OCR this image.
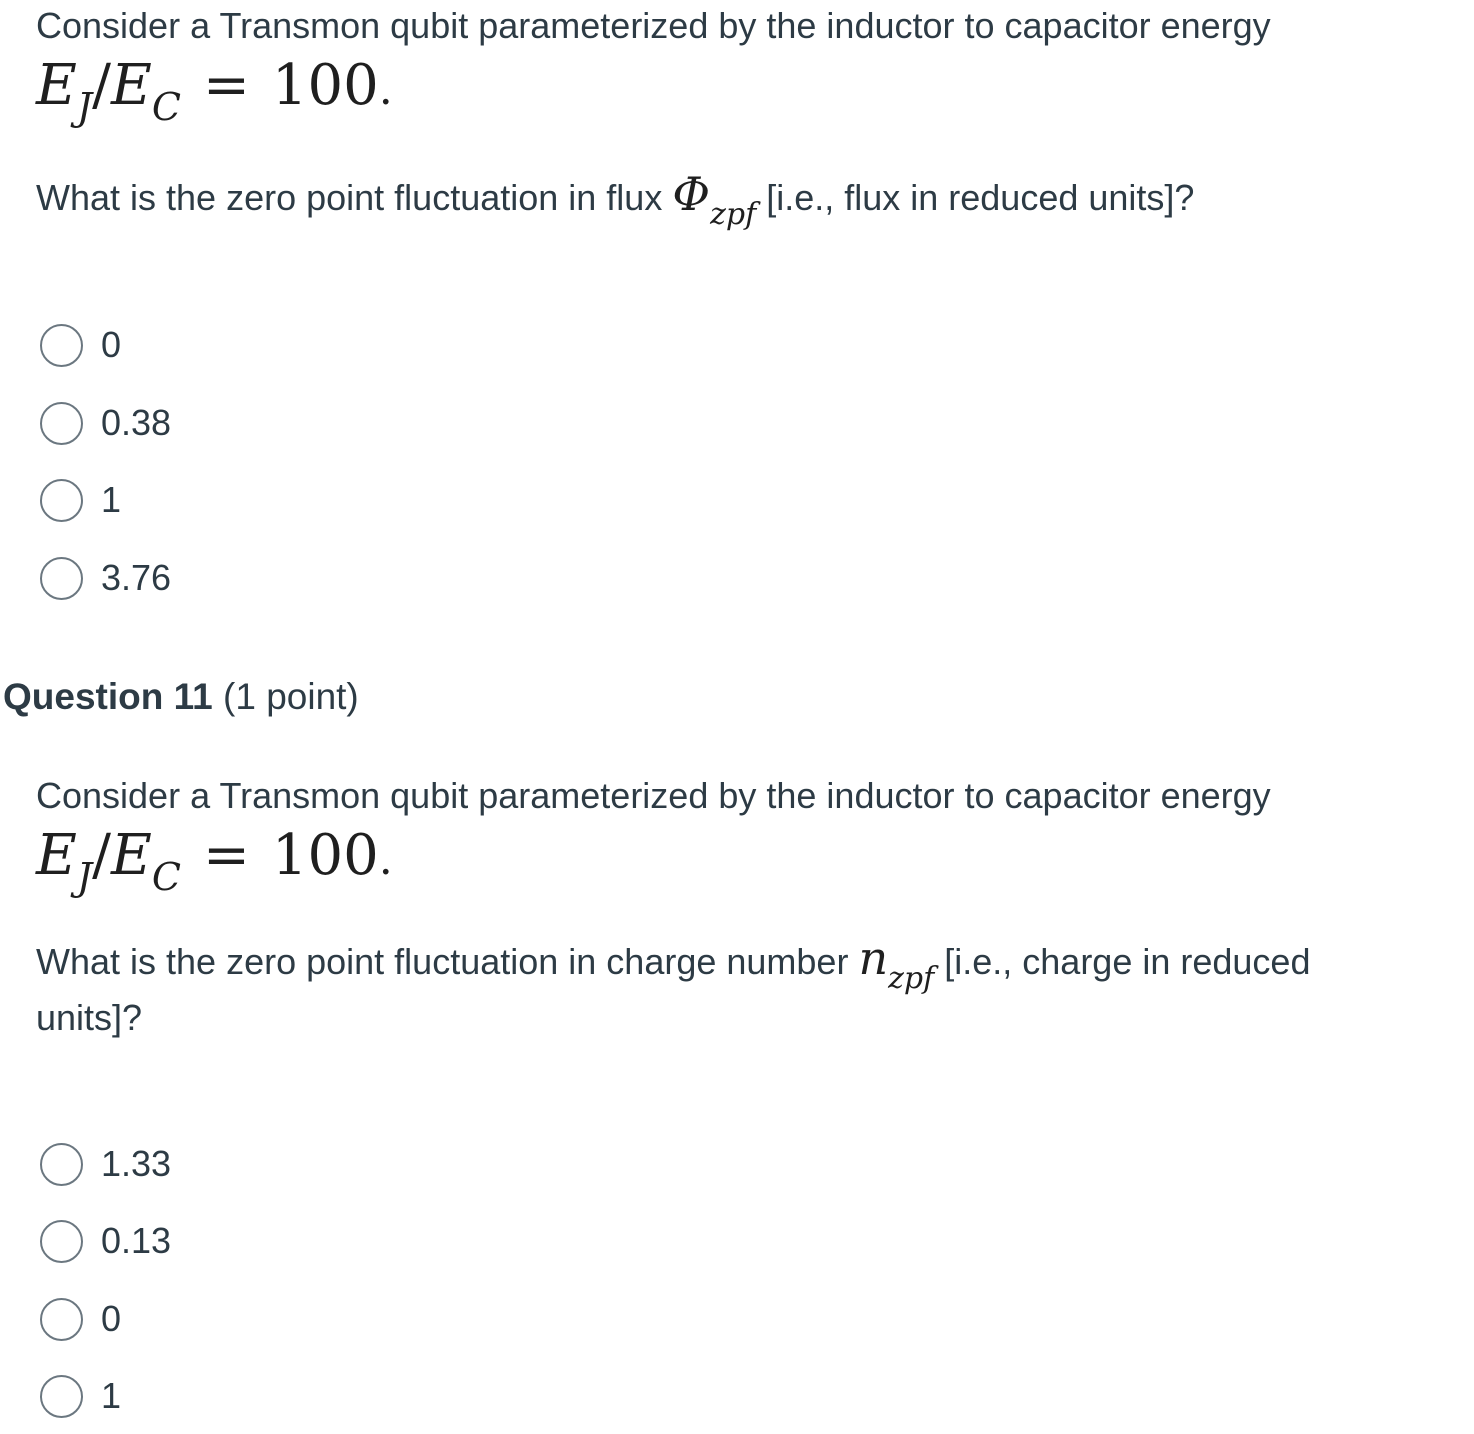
Consider a Transmon qubit parameterized by the inductor to capacitor energy
$E_J/E_C = 100$.
What is the zero point fluctuation in flux $\Phi_{zpf}$ [i.e., flux in reduced units]?
0
0.38
1
3.76
Question 11 (1 point)
Consider a Transmon qubit parameterized by the inductor to capacitor energy
$E_J/E_C = 100$.
What is the zero point fluctuation in charge number $n_{zpf}$ [i.e., charge in reduced
units]?
1.33
0.13
0
1
